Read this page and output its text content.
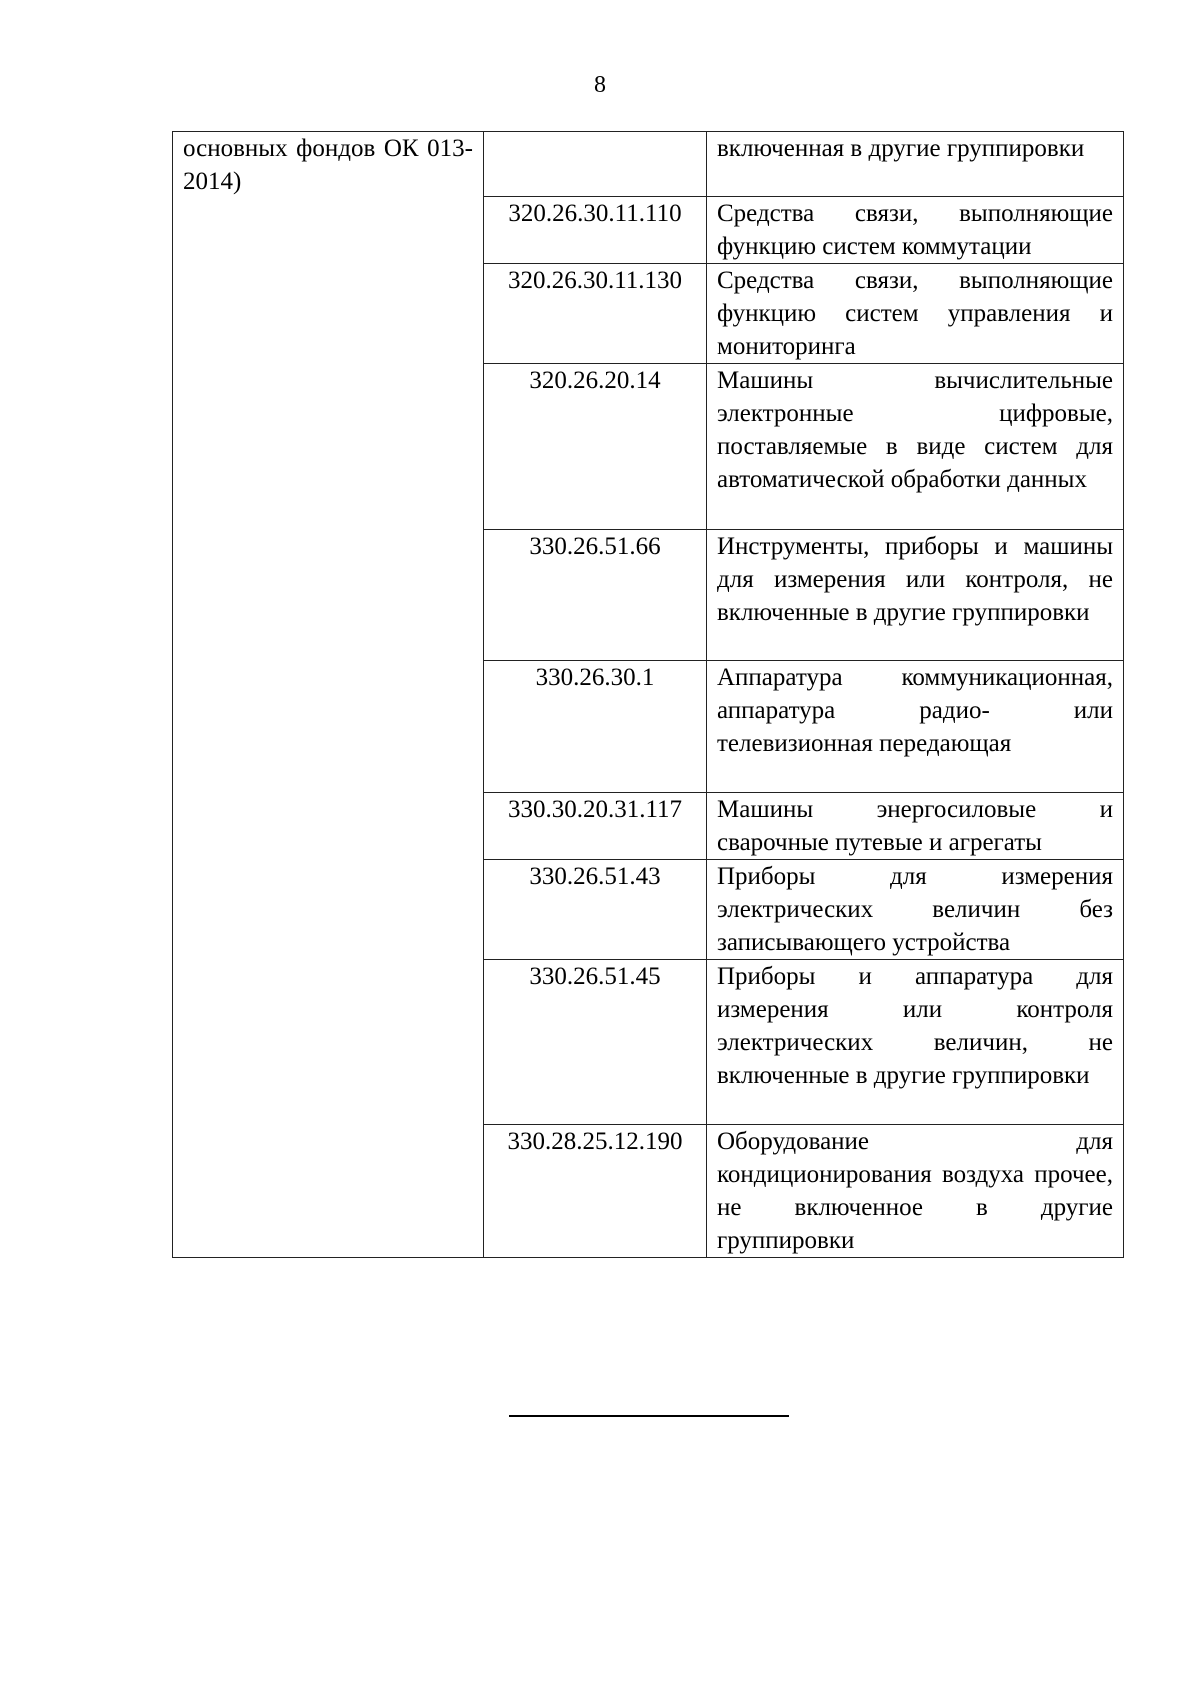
8
основных фондов ОК 013-2014)		включенная в другие группировки
	320.26.30.11.110	Средства связи, выполняющие функцию систем коммутации
	320.26.30.11.130	Средства связи, выполняющие функцию систем управления и мониторинга
	320.26.20.14	Машины вычислительные электронные цифровые, поставляемые в виде систем для автоматической обработки данных
	330.26.51.66	Инструменты, приборы и машины для измерения или контроля, не включенные в другие группировки
	330.26.30.1	Аппаратура коммуникационная, аппаратура радио- или телевизионная передающая
	330.30.20.31.117	Машины энергосиловые и сварочные путевые и агрегаты
	330.26.51.43	Приборы для измерения электрических величин без записывающего устройства
	330.26.51.45	Приборы и аппаратура для измерения или контроля электрических величин, не включенные в другие группировки
	330.28.25.12.190	Оборудование для кондиционирования воздуха прочее, не включенное в другие группировки
